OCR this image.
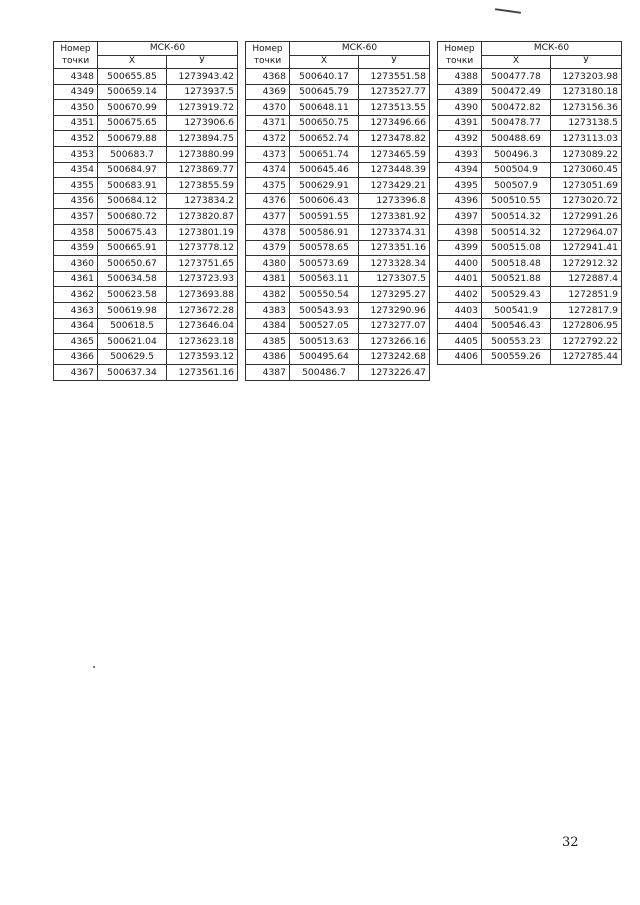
Номер точки	МСК-60	
	X	У
4348	500655.85	1273943.42
4349	500659.14	1273937.5
4350	500670.99	1273919.72
4351	500675.65	1273906.6
4352	500679.88	1273894.75
4353	500683.7	1273880.99
4354	500684.97	1273869.77
4355	500683.91	1273855.59
4356	500684.12	1273834.2
4357	500680.72	1273820.87
4358	500675.43	1273801.19
4359	500665.91	1273778.12
4360	500650.67	1273751.65
4361	500634.58	1273723.93
4362	500623.58	1273693.88
4363	500619.98	1273672.28
4364	500618.5	1273646.04
4365	500621.04	1273623.18
4366	500629.5	1273593.12
4367	500637.34	1273561.16
Номер точки	МСК-60	
	X	У
4368	500640.17	1273551.58
4369	500645.79	1273527.77
4370	500648.11	1273513.55
4371	500650.75	1273496.66
4372	500652.74	1273478.82
4373	500651.74	1273465.59
4374	500645.46	1273448.39
4375	500629.91	1273429.21
4376	500606.43	1273396.8
4377	500591.55	1273381.92
4378	500586.91	1273374.31
4379	500578.65	1273351.16
4380	500573.69	1273328.34
4381	500563.11	1273307.5
4382	500550.54	1273295.27
4383	500543.93	1273290.96
4384	500527.05	1273277.07
4385	500513.63	1273266.16
4386	500495.64	1273242.68
4387	500486.7	1273226.47
Номер точки	МСК-60	
	X	У
4388	500477.78	1273203.98
4389	500472.49	1273180.18
4390	500472.82	1273156.36
4391	500478.77	1273138.5
4392	500488.69	1273113.03
4393	500496.3	1273089.22
4394	500504.9	1273060.45
4395	500507.9	1273051.69
4396	500510.55	1273020.72
4397	500514.32	1272991.26
4398	500514.32	1272964.07
4399	500515.08	1272941.41
4400	500518.48	1272912.32
4401	500521.88	1272887.4
4402	500529.43	1272851.9
4403	500541.9	1272817.9
4404	500546.43	1272806.95
4405	500553.23	1272792.22
4406	500559.26	1272785.44
32
